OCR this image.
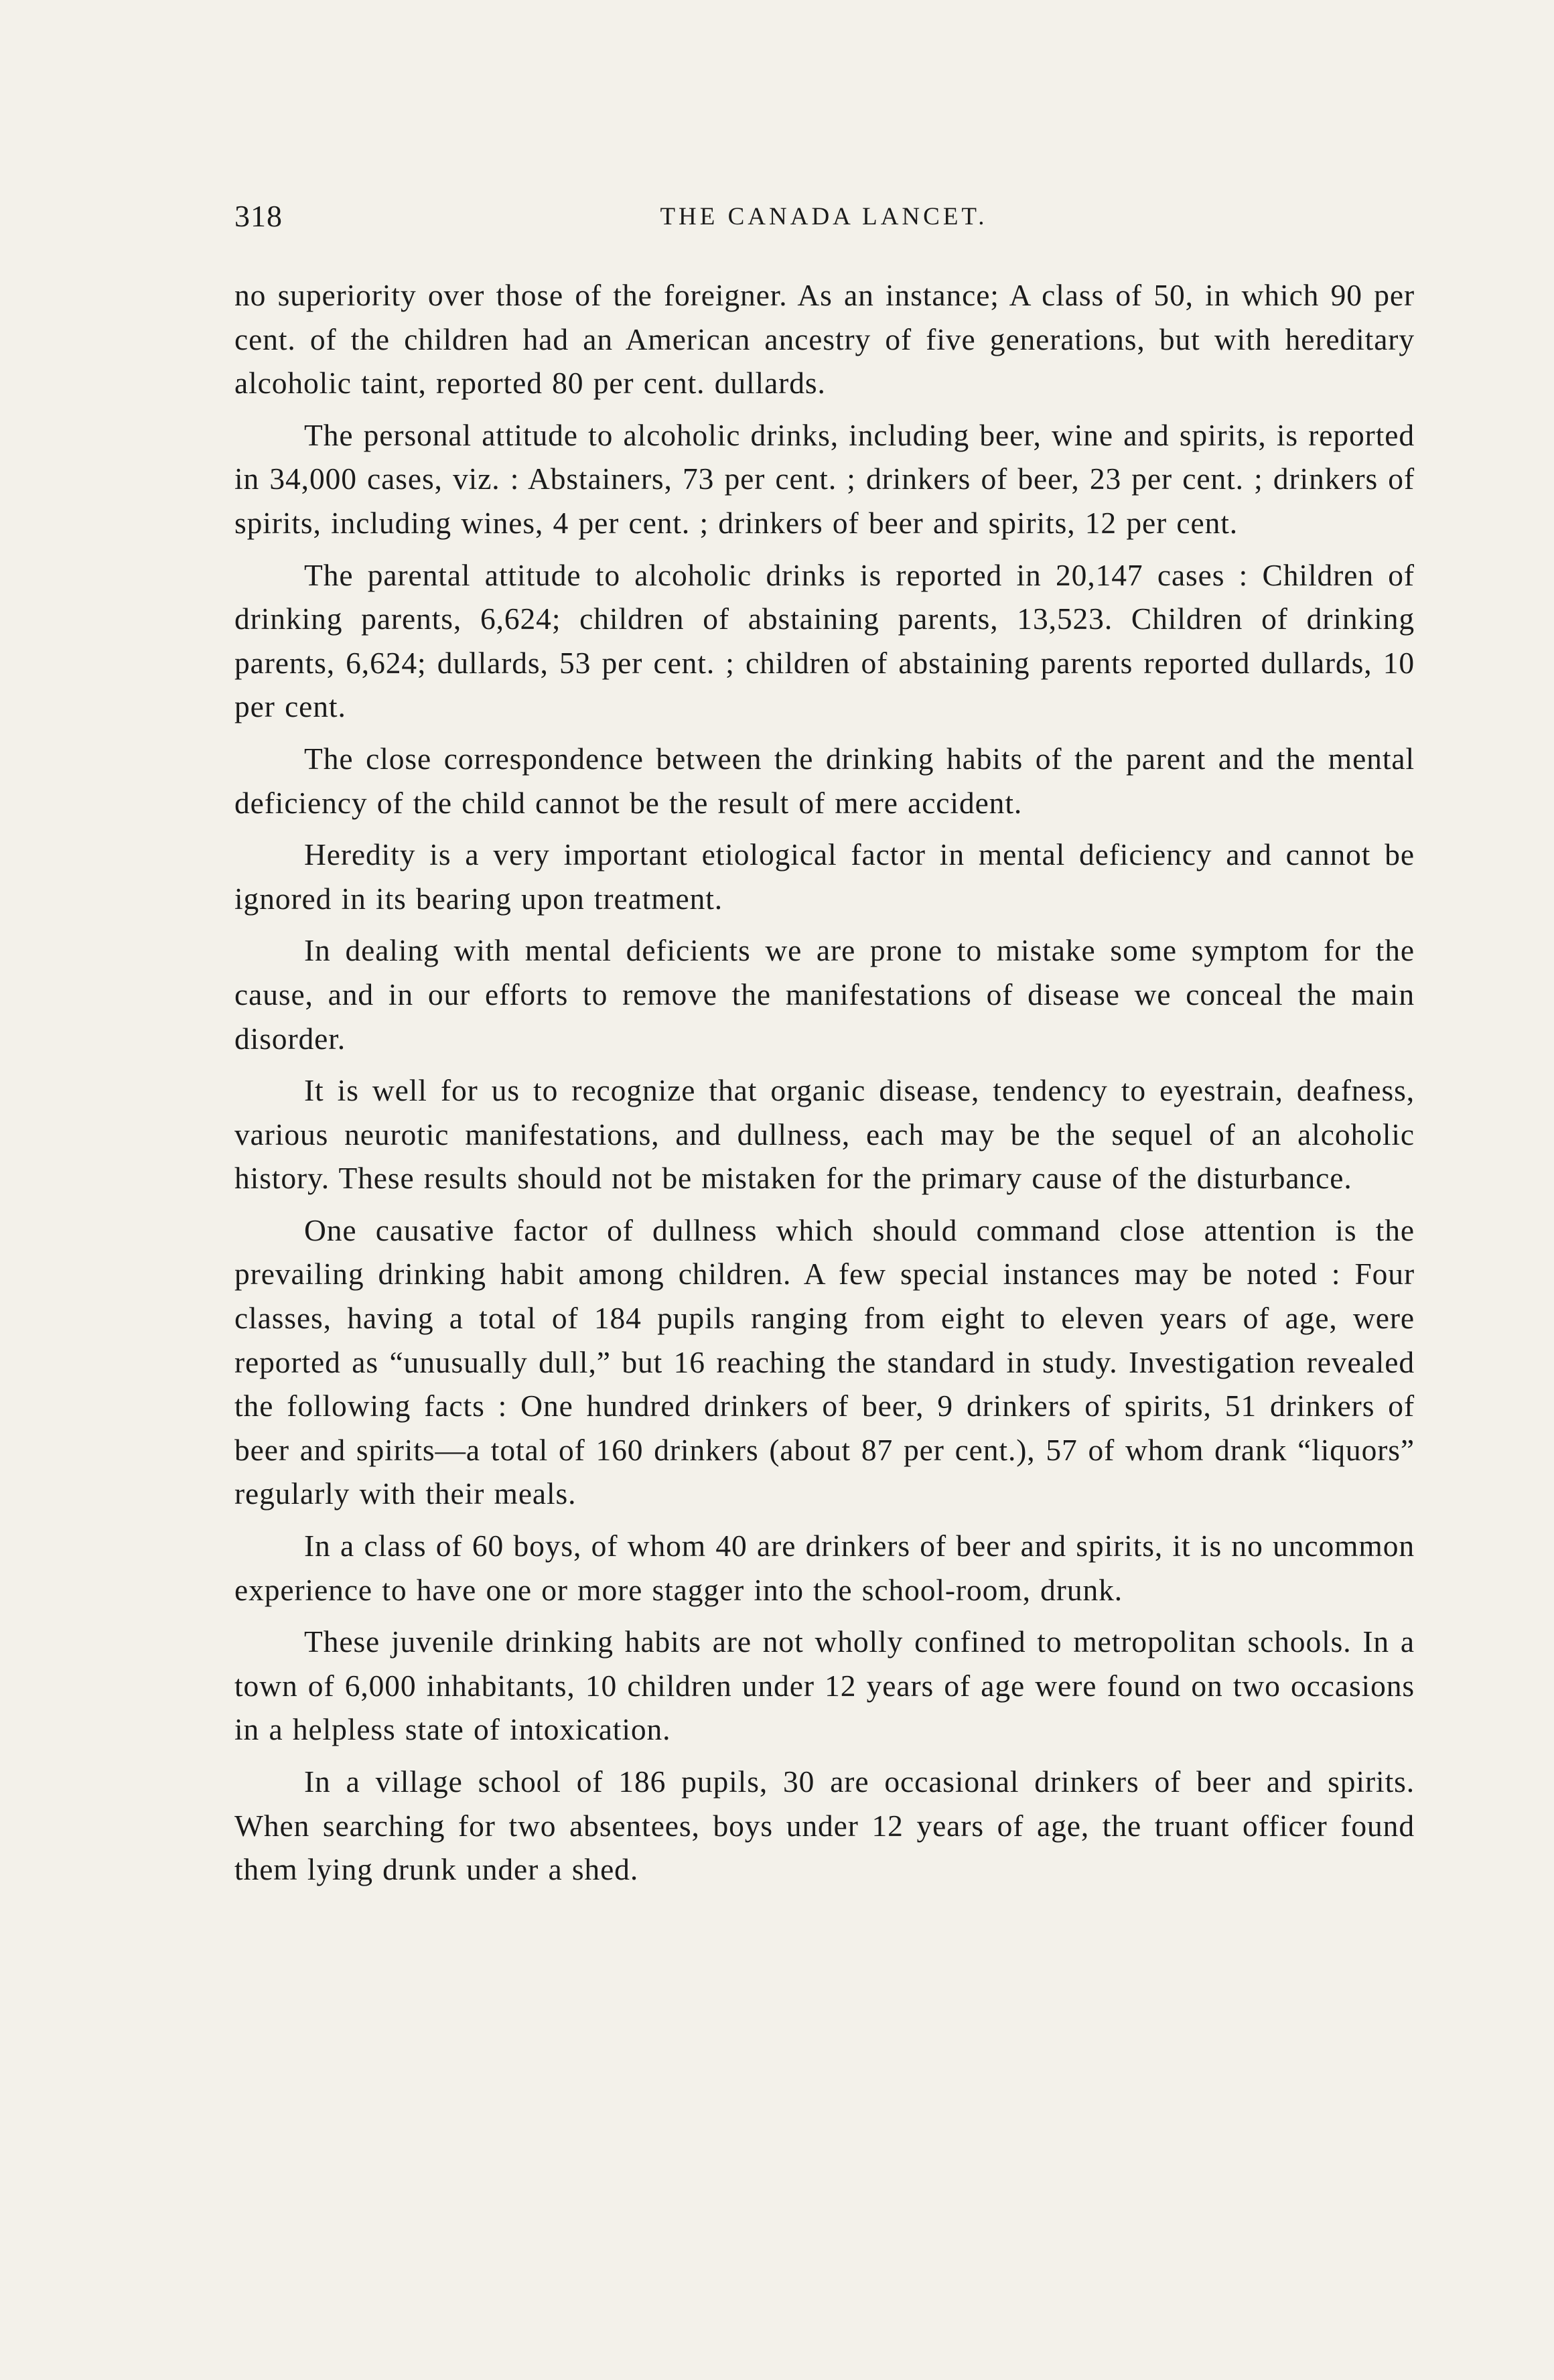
318	THE CANADA LANCET.

no superiority over those of the foreigner. As an instance; A class of 50, in which 90 per cent. of the children had an American ancestry of five generations, but with hereditary alcoholic taint, reported 80 per cent. dullards.

The personal attitude to alcoholic drinks, including beer, wine and spirits, is reported in 34,000 cases, viz. : Abstainers, 73 per cent. ; drinkers of beer, 23 per cent. ; drinkers of spirits, including wines, 4 per cent. ; drinkers of beer and spirits, 12 per cent.

The parental attitude to alcoholic drinks is reported in 20,147 cases : Children of drinking parents, 6,624; children of abstaining parents, 13,523. Children of drinking parents, 6,624; dullards, 53 per cent. ; children of abstaining parents reported dullards, 10 per cent.

The close correspondence between the drinking habits of the parent and the mental deficiency of the child cannot be the result of mere accident.

Heredity is a very important etiological factor in mental deficiency and cannot be ignored in its bearing upon treatment.

In dealing with mental deficients we are prone to mistake some symptom for the cause, and in our efforts to remove the manifestations of disease we conceal the main disorder.

It is well for us to recognize that organic disease, tendency to eyestrain, deafness, various neurotic manifestations, and dullness, each may be the sequel of an alcoholic history. These results should not be mistaken for the primary cause of the disturbance.

One causative factor of dullness which should command close attention is the prevailing drinking habit among children. A few special instances may be noted : Four classes, having a total of 184 pupils ranging from eight to eleven years of age, were reported as “unusually dull,” but 16 reaching the standard in study. Investigation revealed the following facts : One hundred drinkers of beer, 9 drinkers of spirits, 51 drinkers of beer and spirits—a total of 160 drinkers (about 87 per cent.), 57 of whom drank “liquors” regularly with their meals.

In a class of 60 boys, of whom 40 are drinkers of beer and spirits, it is no uncommon experience to have one or more stagger into the school-room, drunk.

These juvenile drinking habits are not wholly confined to metropolitan schools. In a town of 6,000 inhabitants, 10 children under 12 years of age were found on two occasions in a helpless state of intoxication.

In a village school of 186 pupils, 30 are occasional drinkers of beer and spirits. When searching for two absentees, boys under 12 years of age, the truant officer found them lying drunk under a shed.
